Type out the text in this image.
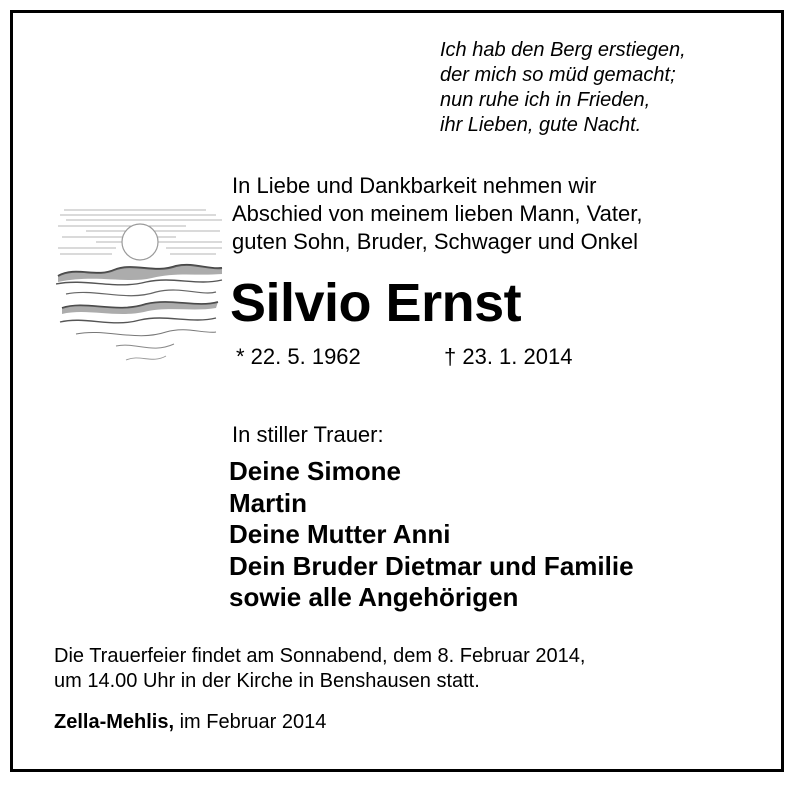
Ich hab den Berg erstiegen,
der mich so müd gemacht;
nun ruhe ich in Frieden,
ihr Lieben, gute Nacht.
In Liebe und Dankbarkeit nehmen wir
Abschied von meinem lieben Mann, Vater,
guten Sohn, Bruder, Schwager und Onkel
Silvio Ernst
* 22. 5. 1962	† 23. 1. 2014
In stiller Trauer:
Deine Simone
Martin
Deine Mutter Anni
Dein Bruder Dietmar und Familie
sowie alle Angehörigen
Die Trauerfeier findet am Sonnabend, dem 8. Februar 2014,
um 14.00 Uhr in der Kirche in Benshausen statt.
Zella-Mehlis, im Februar 2014
